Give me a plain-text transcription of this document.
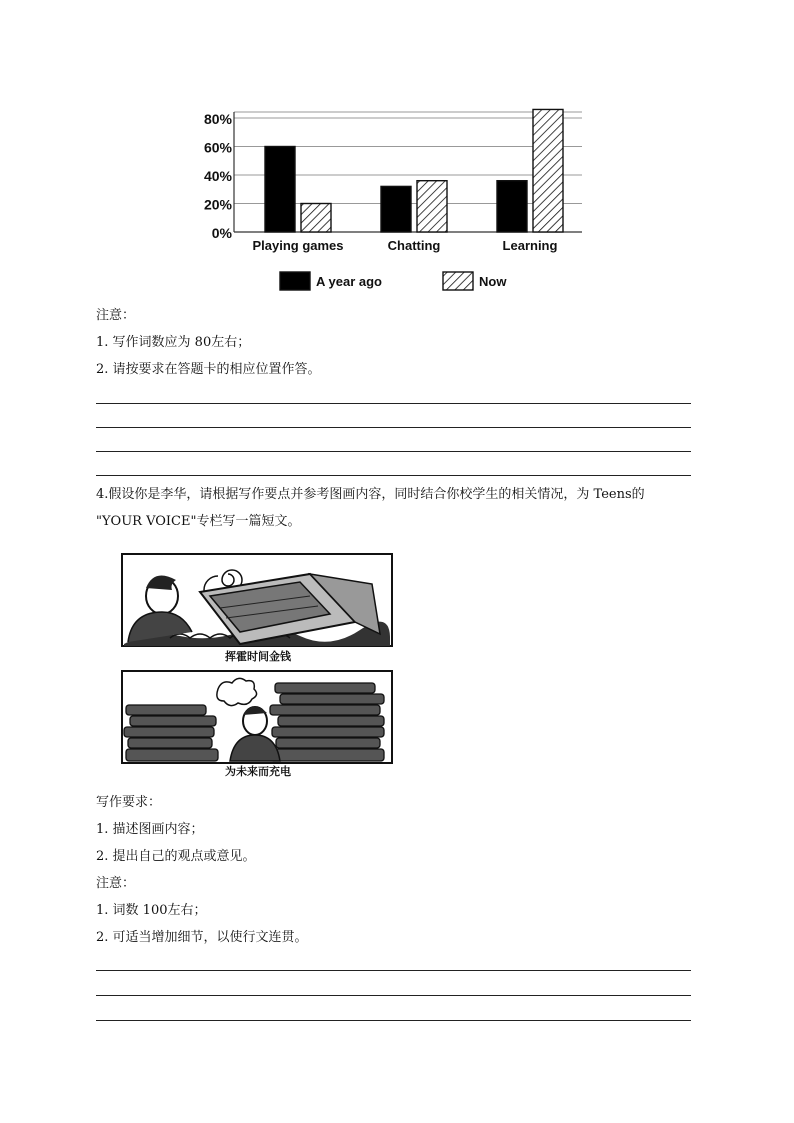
80%
60%
40%
20%
0%
Playing games	Chatting	Learning
A year ago	Now
注意：
1. 写作词数应为 80左右；
2. 请按要求在答题卡的相应位置作答。
4.假设你是李华，请根据写作要点并参考图画内容，同时结合你校学生的相关情况，为 Teens的
"YOUR VOICE"专栏写一篇短文。
挥霍时间金钱
为未来而充电
写作要求：
1. 描述图画内容；
2. 提出自己的观点或意见。
注意：
1. 词数 100左右；
2. 可适当增加细节，以使行文连贯。
